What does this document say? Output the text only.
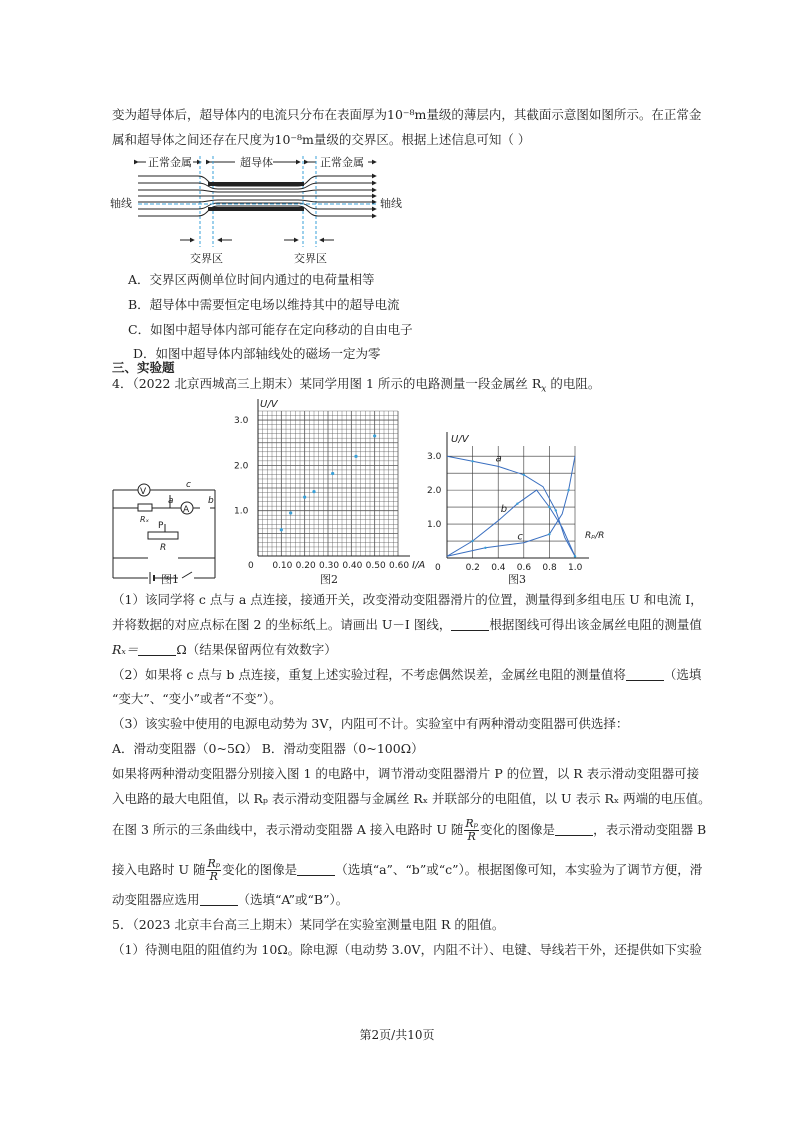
变为超导体后，超导体内的电流只分布在表面厚为10⁻⁸m量级的薄层内，其截面示意图如图所示。在正常金
属和超导体之间还存在尺度为10⁻⁸m量级的交界区。根据上述信息可知（ ）
正常金属	超导体	正常金属
轴线	轴线
交界区	交界区
A．交界区两侧单位时间内通过的电荷量相等
B．超导体中需要恒定电场以维持其中的超导电流
C．如图中超导体内部可能存在定向移动的自由电子
D．如图中超导体内部轴线处的磁场一定为零
三、实验题
4．（2022 北京西城高三上期末）某同学用图 1 所示的电路测量一段金属丝 $R_x$ 的电阻。
V
Rₓ
a
c
A
b
P
R
图1
U/V
I/A
0 0.10 0.20 0.30 0.40 0.50 0.60
1.0
2.0
3.0
图2
U/V
Rₚ/R
0	0.2 0.4 0.6 0.8 1.0
1.0
2.0
3.0	a
b
c
图3
（1）该同学将 c 点与 a 点连接，接通开关，改变滑动变阻器滑片的位置，测量得到多组电压 U 和电流 I，
并将数据的对应点标在图 2 的坐标纸上。请画出 U－I 图线，	根据图线可得出该金属丝电阻的测量值
Rₓ＝	Ω（结果保留两位有效数字）
（2）如果将 c 点与 b 点连接，重复上述实验过程，不考虑偶然误差，金属丝电阻的测量值将	（选填
“变大”、“变小”或者“不变”）。
（3）该实验中使用的电源电动势为 3V，内阻可不计。实验室中有两种滑动变阻器可供选择：
A．滑动变阻器（0~5Ω） B．滑动变阻器（0~100Ω）
如果将两种滑动变阻器分别接入图 1 的电路中，调节滑动变阻器滑片 P 的位置，以 R 表示滑动变阻器可接
入电路的最大电阻值，以 Rₚ 表示滑动变阻器与金属丝 Rₓ 并联部分的电阻值，以 U 表示 Rₓ 两端的电压值。
在图 3 所示的三条曲线中，表示滑动变阻器 A 接入电路时 U 随 $\frac{\text{Rₚ}}{R}$ 变化的图像是	，表示滑动变阻器 B
接入电路时 U 随 $\frac{\text{Rₚ}}{R}$ 变化的图像是	（选填“a”、“b”或“c”）。根据图像可知，本实验为了调节方便，滑
动变阻器应选用	（选填“A”或“B”）。
5．（2023 北京丰台高三上期末）某同学在实验室测量电阻 R 的阻值。
（1）待测电阻的阻值约为 10Ω。除电源（电动势 3.0V，内阻不计）、电键、导线若干外，还提供如下实验
第2页/共10页
